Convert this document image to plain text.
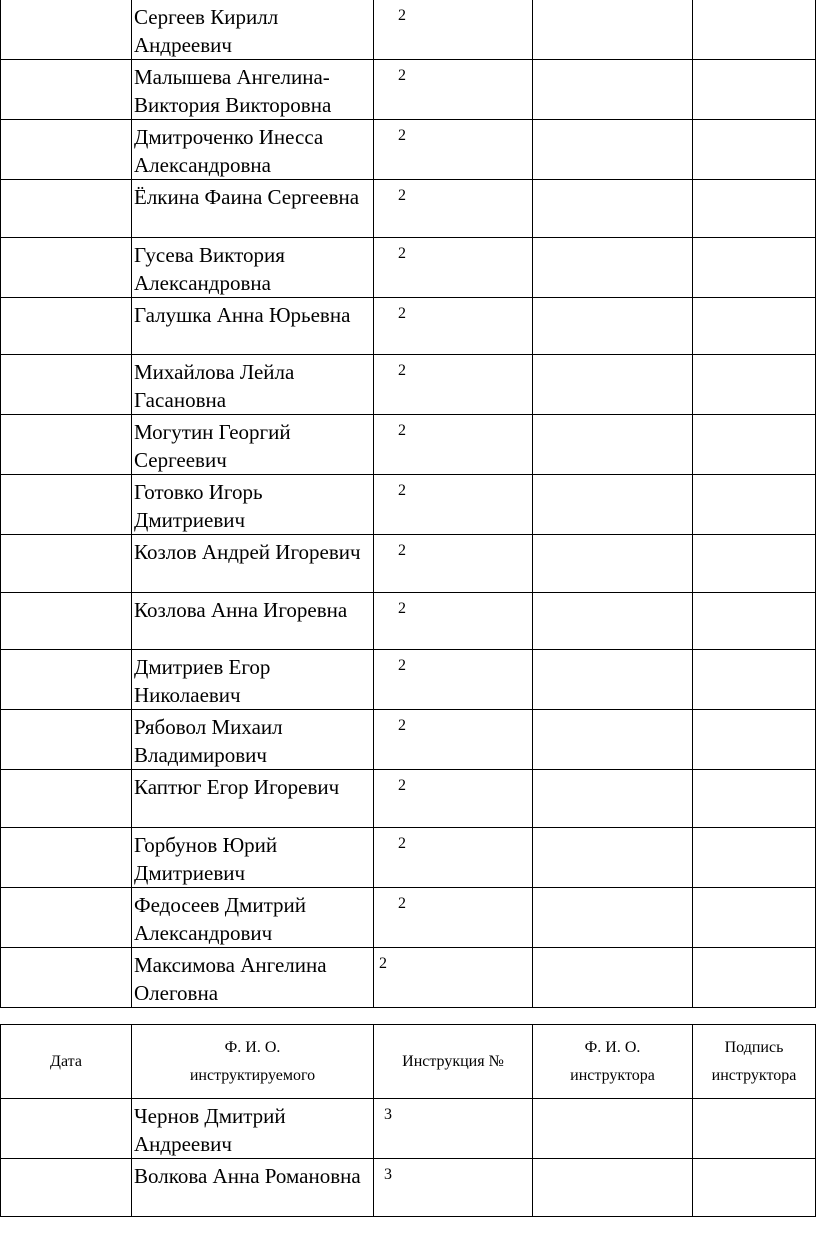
	Сергеев Кирилл Андреевич	2		
	Малышева Ангелина-Виктория Викторовна	2		
	Дмитроченко Инесса Александровна	2		
	Ёлкина Фаина Сергеевна	2		
	Гусева Виктория Александровна	2		
	Галушка Анна Юрьевна	2		
	Михайлова Лейла Гасановна	2		
	Могутин Георгий Сергеевич	2		
	Готовко Игорь Дмитриевич	2		
	Козлов Андрей Игоревич	2		
	Козлова Анна Игоревна	2		
	Дмитриев Егор Николаевич	2		
	Рябовол Михаил Владимирович	2		
	Каптюг Егор Игоревич	2		
	Горбунов Юрий Дмитриевич	2		
	Федосеев Дмитрий Александрович	2		
	Максимова Ангелина Олеговна	2		
Дата	Ф. И. О. инструктируемого	Инструкция №	Ф. И. О. инструктора	Подпись инструктора
	Чернов Дмитрий Андреевич	3		
	Волкова Анна Романовна	3		
